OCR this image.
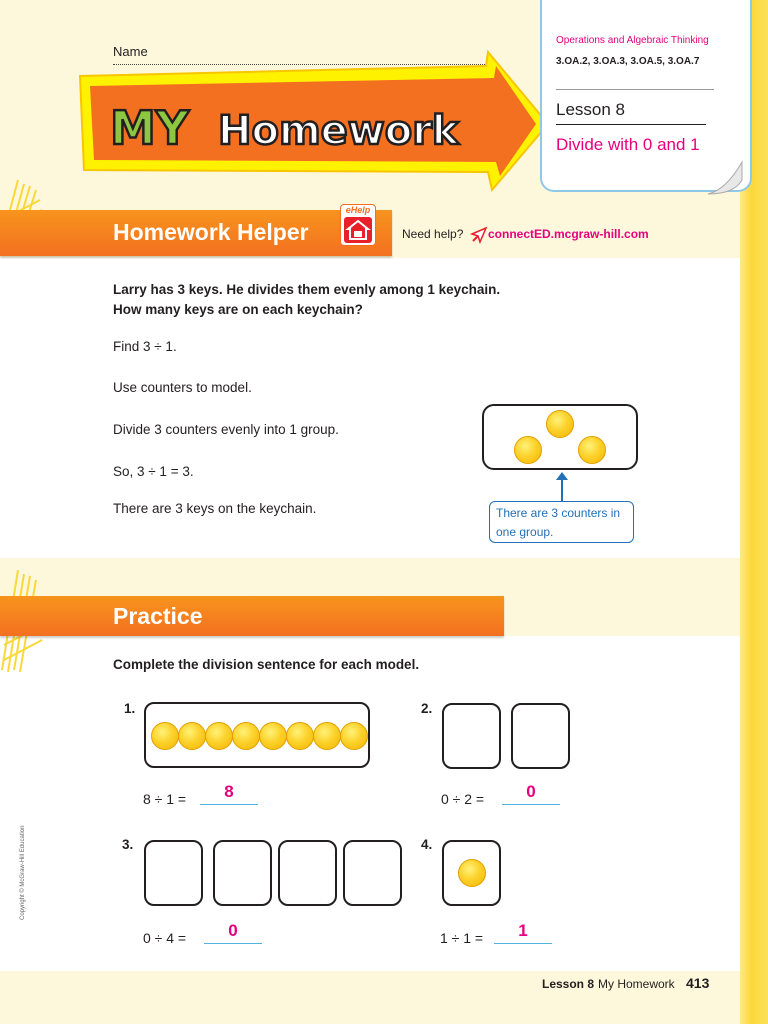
Name
MY Homework
Operations and Algebraic Thinking
3.OA.2, 3.OA.3, 3.OA.5, 3.OA.7
Lesson 8
Divide with 0 and 1
Homework Helper
eHelp
Need help? connectED.mcgraw-hill.com
Larry has 3 keys. He divides them evenly among 1 keychain.
How many keys are on each keychain?
Find 3 ÷ 1.
Use counters to model.
Divide 3 counters evenly into 1 group.
So, 3 ÷ 1 = 3.
There are 3 keys on the keychain.	There are 3 counters in one group.
Practice
Complete the division sentence for each model.
1.
8 ÷ 1 =	8
2.
0 ÷ 2 =	0
3.
0 ÷ 4 =	0
4.
1 ÷ 1 =	1
Copyright © McGraw-Hill Education
Lesson 8 My Homework 413
